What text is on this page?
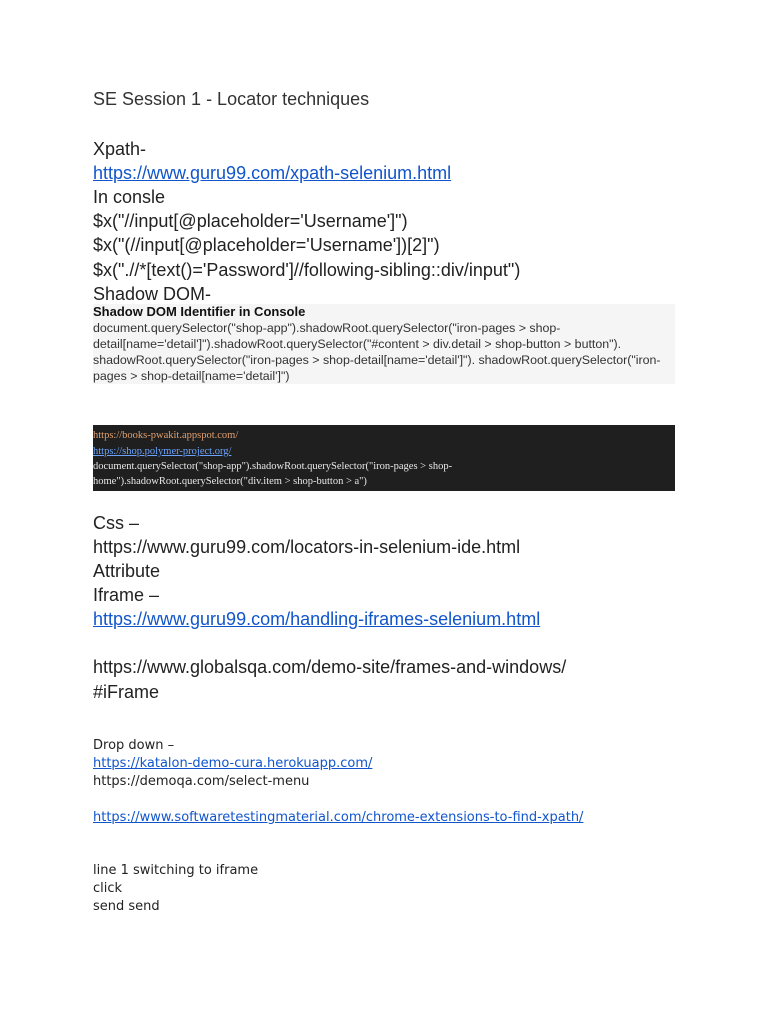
SE Session 1 - Locator techniques
Xpath-
https://www.guru99.com/xpath-selenium.html
In consle
$x("//input[@placeholder='Username']")
$x("(//input[@placeholder='Username'])[2]")
$x(".//*[text()='Password']//following-sibling::div/input")
Shadow DOM-
Shadow DOM Identifier in Console
document.querySelector("shop-app").shadowRoot.querySelector("iron-pages > shop-detail[name='detail']").shadowRoot.querySelector("#content > div.detail > shop-button > button"). shadowRoot.querySelector("iron-pages > shop-detail[name='detail']"). shadowRoot.querySelector("iron-pages > shop-detail[name='detail']")
https://books-pwakit.appspot.com/
https://shop.polymer-project.org/
document.querySelector("shop-app").shadowRoot.querySelector("iron-pages > shop-home").shadowRoot.querySelector("div.item > shop-button > a")
Css –
https://www.guru99.com/locators-in-selenium-ide.html
Attribute
Iframe –
https://www.guru99.com/handling-iframes-selenium.html
https://www.globalsqa.com/demo-site/frames-and-windows/
#iFrame
Drop down –
https://katalon-demo-cura.herokuapp.com/
https://demoqa.com/select-menu
https://www.softwaretestingmaterial.com/chrome-extensions-to-find-xpath/
line 1 switching to iframe
click
send send
